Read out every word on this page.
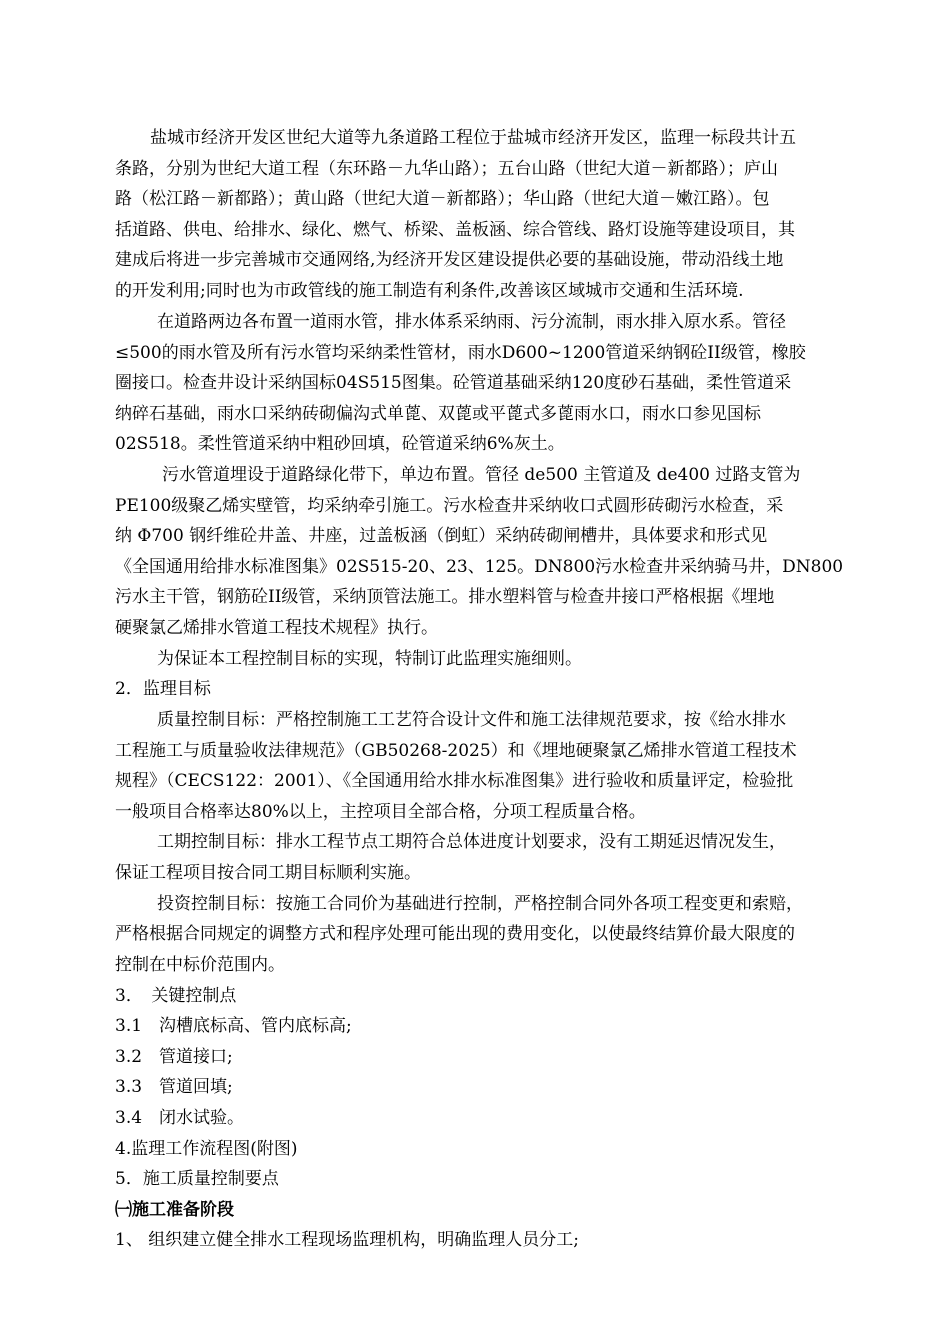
盐城市经济开发区世纪大道等九条道路工程位于盐城市经济开发区，监理一标段共计五
条路，分别为世纪大道工程（东环路－九华山路）；五台山路（世纪大道－新都路）；庐山
路（松江路－新都路）；黄山路（世纪大道－新都路）；华山路（世纪大道－嫩江路）。包
括道路、供电、给排水、绿化、燃气、桥梁、盖板涵、综合管线、路灯设施等建设项目，其
建成后将进一步完善城市交通网络,为经济开发区建设提供必要的基础设施，带动沿线土地
的开发利用;同时也为市政管线的施工制造有利条件,改善该区域城市交通和生活环境.
在道路两边各布置一道雨水管，排水体系采纳雨、污分流制，雨水排入原水系。管径
≤500的雨水管及所有污水管均采纳柔性管材，雨水D600~1200管道采纳钢砼II级管，橡胶
圈接口。检查井设计采纳国标04S515图集。砼管道基础采纳120度砂石基础，柔性管道采
纳碎石基础，雨水口采纳砖砌偏沟式单蓖、双蓖或平蓖式多蓖雨水口，雨水口参见国标
02S518。柔性管道采纳中粗砂回填，砼管道采纳6%灰土。
污水管道埋设于道路绿化带下，单边布置。管径 de500 主管道及 de400 过路支管为
PE100级聚乙烯实壁管，均采纳牵引施工。污水检查井采纳收口式圆形砖砌污水检查，采
纳 Φ700 钢纤维砼井盖、井座，过盖板涵（倒虹）采纳砖砌闸槽井，具体要求和形式见
《全国通用给排水标准图集》02S515-20、23、125。DN800污水检查井采纳骑马井，DN800
污水主干管，钢筋砼II级管，采纳顶管法施工。排水塑料管与检查井接口严格根据《埋地
硬聚氯乙烯排水管道工程技术规程》执行。
为保证本工程控制目标的实现，特制订此监理实施细则。
2．监理目标
质量控制目标：严格控制施工工艺符合设计文件和施工法律规范要求，按《给水排水
工程施工与质量验收法律规范》（GB50268-2025）和《埋地硬聚氯乙烯排水管道工程技术
规程》（CECS122：2001）、《全国通用给水排水标准图集》进行验收和质量评定，检验批
一般项目合格率达80%以上，主控项目全部合格，分项工程质量合格。
工期控制目标：排水工程节点工期符合总体进度计划要求，没有工期延迟情况发生，
保证工程项目按合同工期目标顺利实施。
投资控制目标：按施工合同价为基础进行控制，严格控制合同外各项工程变更和索赔，
严格根据合同规定的调整方式和程序处理可能出现的费用变化，以使最终结算价最大限度的
控制在中标价范围内。
3．　关键控制点
3.1　沟槽底标高、管内底标高;
3.2　管道接口;
3.3　管道回填;
3.4　闭水试验。
4.监理工作流程图(附图)
5．施工质量控制要点
㈠施工准备阶段
1、 组织建立健全排水工程现场监理机构，明确监理人员分工;
